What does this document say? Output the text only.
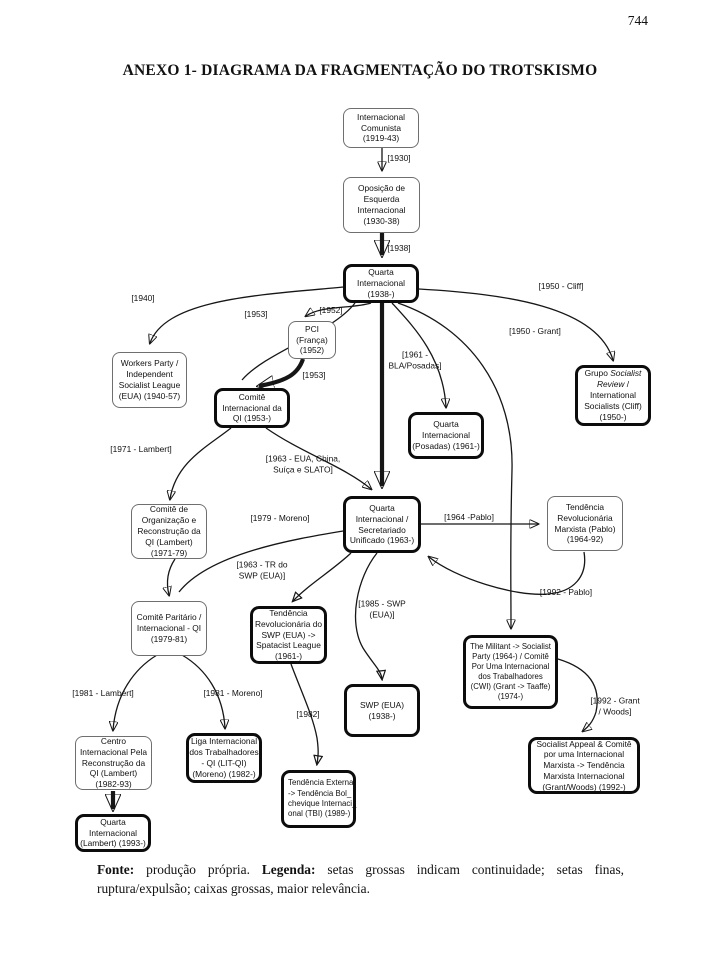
744
ANEXO 1- DIAGRAMA DA FRAGMENTAÇÃO DO TROTSKISMO
Internacional
Comunista
(1919-43)
Oposição de
Esquerda
Internacional
(1930-38)
Quarta
Internacional
(1938-)
PCI
(França)
(1952)
Workers Party /
Independent
Socialist League
(EUA) (1940-57)	Comitê
Internacional da
QI (1953-)
Grupo Socialist
Review /
International
Socialists (Cliff)
(1950-)
Quarta
Internacional
(Posadas) (1961-)
Quarta
Internacional /
Secretariado
Unificado (1963-)
Tendência
Revolucionária
Marxista (Pablo)
(1964-92)
Comitê de
Organização e
Reconstrução da
QI (Lambert)
(1971-79)
Comitê Paritário /
Internacional - QI
(1979-81)
Tendência
Revolucionária do
SWP (EUA) ->
Spatacist League
(1961-)
SWP (EUA)
(1938-)
The Militant -> Socialist
Party (1964-) / Comitê
Por Uma Internacional
dos Trabalhadores
(CWI) (Grant -> Taaffe)
(1974-)
Socialist Appeal & Comitê
por uma Internacional
Marxista -> Tendência
Marxista Internacional
(Grant/Woods) (1992-)
Centro
Internacional Pela
Reconstrução da
QI (Lambert)
(1982-93)
Liga Internacional
dos Trabalhadores
- QI (LIT-QI)
(Moreno) (1982-)
Quarta
Internacional
(Lambert) (1993-)
Tendência Externa
-> Tendência Bol_
chevique Internaci_
onal (TBI) (1989-)
[1930]
[1938]
[1940]
[1953]	[1952]
[1950 - Cliff]
[1950 - Grant]
[1961 -
BLA/Posadas]
[1953]
[1971 - Lambert]
[1963 - EUA, China,
Suíça e SLATO]
[1979 - Moreno]	[1964 -Pablo]
[1963 - TR do
SWP (EUA)]
[1992 - Pablo]
[1985 - SWP
(EUA)]
[1982]
[1992 - Grant
/ Woods]
[1981 - Lambert]	[1981 - Moreno]
Fonte: produção própria. Legenda: setas grossas indicam continuidade; setas finas, ruptura/expulsão; caixas grossas, maior relevância.
